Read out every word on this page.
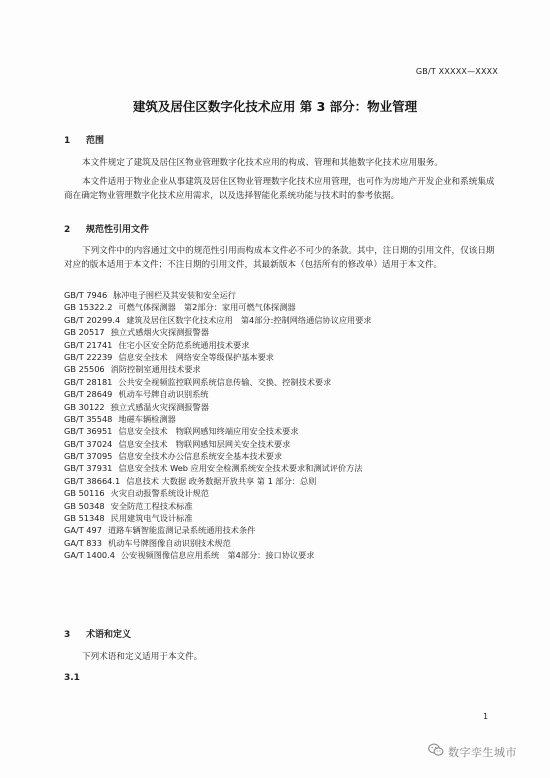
GB/T XXXXX—XXXX
建筑及居住区数字化技术应用 第 3 部分：物业管理
1 范围
本文件规定了建筑及居住区物业管理数字化技术应用的构成、管理和其他数字化技术应用服务。
本文件适用于物业企业从事建筑及居住区物业管理数字化技术应用管理，也可作为房地产开发企业和系统集成商在确定物业管理数字化技术应用需求，以及选择智能化系统功能与技术时的参考依据。
2 规范性引用文件
下列文件中的内容通过文中的规范性引用而构成本文件必不可少的条款。其中，注日期的引用文件，仅该日期对应的版本适用于本文件；不注日期的引用文件，其最新版本（包括所有的修改单）适用于本文件。
GB/T 7946 脉冲电子围栏及其安装和安全运行
GB 15322.2 可燃气体探测器　第2部分：家用可燃气体探测器
GB/T 20299.4 建筑及居住区数字化技术应用　第4部分:控制网络通信协议应用要求
GB 20517 独立式感烟火灾探测报警器
GB/T 21741 住宅小区安全防范系统通用技术要求
GB/T 22239 信息安全技术　网络安全等级保护基本要求
GB 25506 消防控制室通用技术要求
GB/T 28181 公共安全视频监控联网系统信息传输、交换、控制技术要求
GB/T 28649 机动车号牌自动识别系统
GB 30122 独立式感温火灾探测报警器
GB/T 35548 地磁车辆检测器
GB/T 36951 信息安全技术　物联网感知终端应用安全技术要求
GB/T 37024 信息安全技术　物联网感知层网关安全技术要求
GB/T 37095 信息安全技术办公信息系统安全基本技术要求
GB/T 37931 信息安全技术 Web 应用安全检测系统安全技术要求和测试评价方法
GB/T 38664.1 信息技术 大数据 政务数据开放共享 第 1 部分：总则
GB 50116 火灾自动报警系统设计规范
GB 50348 安全防范工程技术标准
GB 51348 民用建筑电气设计标准
GA/T 497 道路车辆智能监测记录系统通用技术条件
GA/T 833 机动车号牌图像自动识别技术规范
GA/T 1400.4 公安视频图像信息应用系统　第4部分：接口协议要求
3 术语和定义
下列术语和定义适用于本文件。
3.1
1
数字孪生城市
